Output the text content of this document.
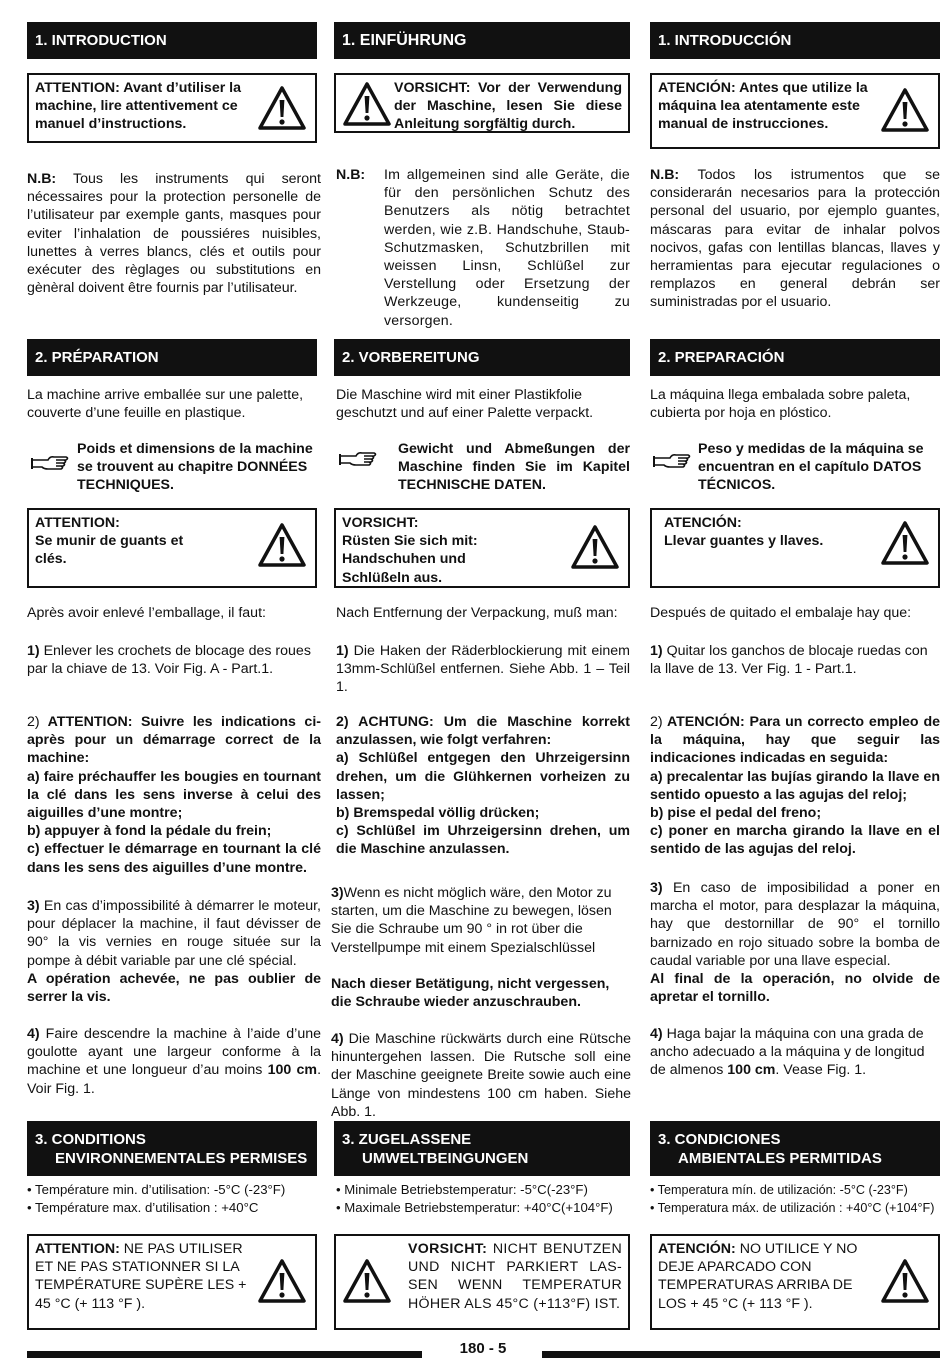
1. INTRODUCTION

ATTENTION: Avant d’utiliser la machine, lire attentivement ce manuel d’instructions.

N.B: Tous les instruments qui seront nécessaires pour la protection personelle de l’utilisateur par exemple gants, masques pour eviter l’inhalation de poussiéres nuisibles, lunettes à verres blancs, clés et outils pour exécuter des règlages ou substitutions en gènèral doivent être fournis par l’utilisateur.

2. PRÉPARATION

La machine arrive emballée sur une palette, couverte d’une feuille en plastique.

Poids et dimensions de la machine se trouvent au chapitre DONNÉES TECHNIQUES.

ATTENTION:

Se munir de guants et clés.

Après avoir enlevé l’emballage, il faut:

1) Enlever les crochets de blocage des roues par la chiave de 13. Voir Fig. A - Part.1.

2) ATTENTION: Suivre les indications ci-après pour un démarrage correct de la machine:

a) faire préchauffer les bougies en tournant la clé dans les sens inverse à celui des aiguilles d’une montre;

b) appuyer à fond la pédale du frein;

c) effectuer le démarrage en tournant la clé dans les sens des aiguilles d’une montre.

3) En cas d’impossibilité à démarrer le moteur, pour déplacer la machine, il faut dévisser de 90° la vis vernies en rouge située sur la pompe à débit variable par une clé spécial.

A opération achevée, ne pas oublier de serrer la vis.

4) Faire descendre la machine à l’aide d’une goulotte ayant une largeur conforme à la machine et une longueur d’au moins 100 cm. Voir Fig. 1.

3. CONDITIONS
ENVIRONNEMENTALES PERMISES

• Température min. d’utilisation: -5°C (-23°F)

• Température max. d’utilisation : +40°C

ATTENTION: NE PAS UTILISER ET NE PAS STATIONNER SI LA TEMPÉRATURE SUPÈRE LES + 45 °C (+ 113 °F ).

1. EINFÜHRUNG

VORSICHT: Vor der Verwendung der Maschine, lesen Sie diese Anleitung sorgfältig durch.

N.B:	Im allgemeinen sind alle Geräte, die für den persönlichen Schutz des Benutzers als nötig betrachtet werden, wie z.B. Handschuhe, Staub-Schutzmasken, Schutzbrillen mit weissen Linsn, Schlüßel zur Verstellung oder Ersetzung der Werkzeuge, kundenseitig zu versorgen.

2. VORBEREITUNG

Die Maschine wird mit einer Plastikfolie geschutzt und auf einer Palette verpackt.

Gewicht und Abmeßungen der Maschine finden Sie im Kapitel TECHNISCHE DATEN.

VORSICHT:

Rüsten Sie sich mit: Handschuhen und Schlüßeln aus.

Nach Entfernung der Verpackung, muß man:

1) Die Haken der Räderblockierung mit einem 13mm-Schlüßel entfernen. Siehe Abb. 1 – Teil 1.

2) ACHTUNG: Um die Maschine korrekt anzulassen, wie folgt verfahren:

a) Schlüßel entgegen den Uhrzeigersinn drehen, um die Glühkernen vorheizen zu lassen;

b) Bremspedal völlig drücken;

c) Schlüßel im Uhrzeigersinn drehen, um die Maschine anzulassen.

3)Wenn es nicht möglich wäre, den Motor zu starten, um die Maschine zu bewegen, lösen Sie die Schraube um 90 ° in rot über die Verstellpumpe mit einem Spezialschlüssel

Nach dieser Betätigung, nicht vergessen, die Schraube wieder anzuschrauben.

4) Die Maschine rückwärts durch eine Rütsche hinuntergehen lassen. Die Rutsche soll eine der Maschine geeignete Breite sowie auch eine Länge von mindestens 100 cm haben. Siehe Abb. 1.

3. ZUGELASSENE
UMWELTBEINGUNGEN

• Minimale Betriebstemperatur: -5°C(-23°F)

• Maximale Betriebstemperatur: +40°C(+104°F)

VORSICHT: NICHT BENUTZEN UND NICHT PARKIERT LAS-SEN WENN TEMPERATUR HÖHER ALS 45°C (+113°F) IST.

1. INTRODUCCIÓN

ATENCIÓN: Antes que utilize la máquina lea atentamente este manual de instrucciones.

N.B: Todos los istrumentos que se considerarán necesarios para la protección personal del usuario, por ejemplo guantes, máscaras para evitar de inhalar polvos nocivos, gafas con lentillas blancas, llaves y herramientas para ejecutar regulaciones o remplazos en general debrán ser suministradas por el usuario.

2. PREPARACIÓN

La máquina llega embalada sobre paleta, cubierta por hoja en plóstico.

Peso y medidas de la máquina se encuentran en el capítulo DATOS TÉCNICOS.

ATENCIÓN:

Llevar guantes y llaves.

Después de quitado el embalaje hay que:

1) Quitar los ganchos de blocaje ruedas con la llave de 13. Ver Fig. 1 - Part.1.

2) ATENCIÓN: Para un correcto empleo de la máquina, hay que seguir las indicaciones indicadas en seguida:

a) precalentar las bujías girando la llave en sentido opuesto a las agujas del reloj;

b) pise el pedal del freno;

c) poner en marcha girando la llave en el sentido de las agujas del reloj.

3) En caso de imposibilidad a poner en marcha el motor, para desplazar la máquina, hay que destornillar de 90° el tornillo barnizado en rojo situado sobre la bomba de caudal variable por una llave especial.

Al final de la operación, no olvide de apretar el tornillo.

4) Haga bajar la máquina con una grada de ancho adecuado a la máquina y de longitud de almenos 100 cm. Vease Fig. 1.

3. CONDICIONES
AMBIENTALES PERMITIDAS

• Temperatura mín. de utilización: -5°C (-23°F)

• Temperatura máx. de utilización : +40°C (+104°F)

ATENCIÓN: NO UTILICE Y NO DEJE APARCADO CON TEMPERATURAS ARRIBA DE LOS + 45 °C (+ 113 °F ).

180 - 5
